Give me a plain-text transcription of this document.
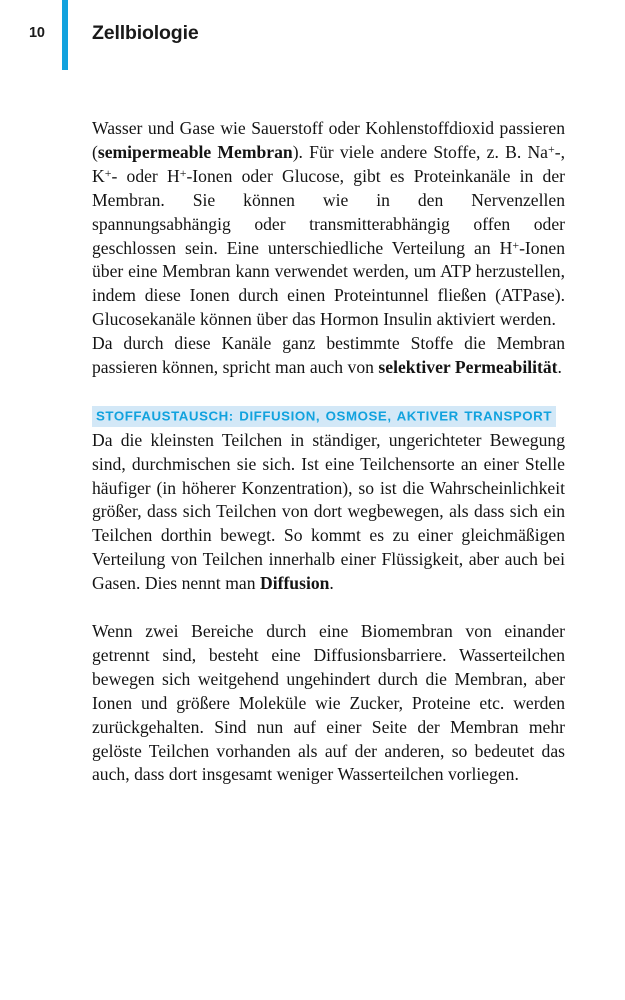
10 Zellbiologie

Wasser und Gase wie Sauerstoff oder Kohlenstoffdioxid passieren (semipermeable Membran). Für viele andere Stoffe, z. B. Na+-, K+- oder H+-Ionen oder Glucose, gibt es Proteinkanäle in der Membran. Sie können wie in den Nervenzellen spannungsabhängig oder transmitterabhängig offen oder geschlossen sein. Eine unterschiedliche Verteilung an H+-Ionen über eine Membran kann verwendet werden, um ATP herzustellen, indem diese Ionen durch einen Proteintunnel fließen (ATPase). Glucosekanäle können über das Hormon Insulin aktiviert werden.

Da durch diese Kanäle ganz bestimmte Stoffe die Membran passieren können, spricht man auch von selektiver Permeabilität.

STOFFAUSTAUSCH: DIFFUSION, OSMOSE, AKTIVER TRANSPORTDa die kleinsten Teilchen in ständiger, ungerichteter Bewegung sind, durchmischen sie sich. Ist eine Teilchensorte an einer Stelle häufiger (in höherer Konzentration), so ist die Wahrscheinlichkeit größer, dass sich Teilchen von dort wegbewegen, als dass sich ein Teilchen dorthin bewegt. So kommt es zu einer gleichmäßigen Verteilung von Teilchen innerhalb einer Flüssigkeit, aber auch bei Gasen. Dies nennt man Diffusion.

Wenn zwei Bereiche durch eine Biomembran von einander getrennt sind, besteht eine Diffusionsbarriere. Wasserteilchen bewegen sich weitgehend ungehindert durch die Membran, aber Ionen und größere Moleküle wie Zucker, Proteine etc. werden zurückgehalten. Sind nun auf einer Seite der Membran mehr gelöste Teilchen vorhanden als auf der anderen, so bedeutet das auch, dass dort insgesamt weniger Wasserteilchen vorliegen.
